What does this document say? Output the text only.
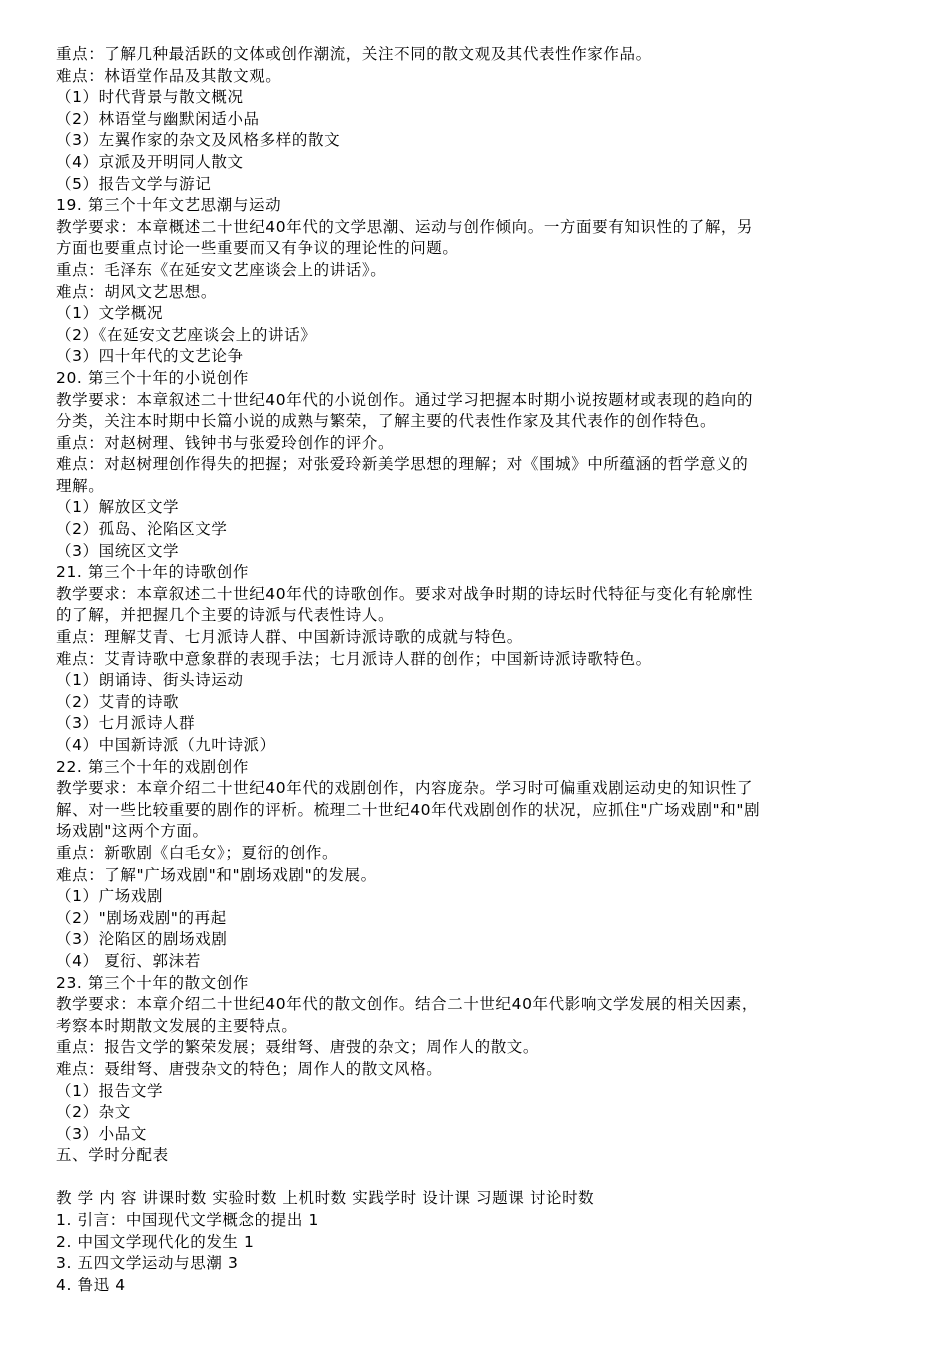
重点：了解几种最活跃的文体或创作潮流，关注不同的散文观及其代表性作家作品。
难点：林语堂作品及其散文观。
（1）时代背景与散文概况
（2）林语堂与幽默闲适小品
（3）左翼作家的杂文及风格多样的散文
（4）京派及开明同人散文
（5）报告文学与游记
19. 第三个十年文艺思潮与运动
教学要求：本章概述二十世纪40年代的文学思潮、运动与创作倾向。一方面要有知识性的了解，另
方面也要重点讨论一些重要而又有争议的理论性的问题。
重点：毛泽东《在延安文艺座谈会上的讲话》。
难点：胡风文艺思想。
（1）文学概况
（2）《在延安文艺座谈会上的讲话》
（3）四十年代的文艺论争
20. 第三个十年的小说创作
教学要求：本章叙述二十世纪40年代的小说创作。通过学习把握本时期小说按题材或表现的趋向的
分类，关注本时期中长篇小说的成熟与繁荣，了解主要的代表性作家及其代表作的创作特色。
重点：对赵树理、钱钟书与张爱玲创作的评介。
难点：对赵树理创作得失的把握；对张爱玲新美学思想的理解；对《围城》中所蕴涵的哲学意义的
理解。
（1）解放区文学
（2）孤岛、沦陷区文学
（3）国统区文学
21. 第三个十年的诗歌创作
教学要求：本章叙述二十世纪40年代的诗歌创作。要求对战争时期的诗坛时代特征与变化有轮廓性
的了解，并把握几个主要的诗派与代表性诗人。
重点：理解艾青、七月派诗人群、中国新诗派诗歌的成就与特色。
难点：艾青诗歌中意象群的表现手法；七月派诗人群的创作；中国新诗派诗歌特色。
（1）朗诵诗、街头诗运动
（2）艾青的诗歌
（3）七月派诗人群
（4）中国新诗派（九叶诗派）
22. 第三个十年的戏剧创作
教学要求：本章介绍二十世纪40年代的戏剧创作，内容庞杂。学习时可偏重戏剧运动史的知识性了
解、对一些比较重要的剧作的评析。梳理二十世纪40年代戏剧创作的状况，应抓住"广场戏剧"和"剧
场戏剧"这两个方面。
重点：新歌剧《白毛女》；夏衍的创作。
难点：了解"广场戏剧"和"剧场戏剧"的发展。
（1）广场戏剧
（2）"剧场戏剧"的再起
（3）沦陷区的剧场戏剧
（4） 夏衍、郭沫若
23. 第三个十年的散文创作
教学要求：本章介绍二十世纪40年代的散文创作。结合二十世纪40年代影响文学发展的相关因素，
考察本时期散文发展的主要特点。
重点：报告文学的繁荣发展；聂绀弩、唐弢的杂文；周作人的散文。
难点：聂绀弩、唐弢杂文的特色；周作人的散文风格。
（1）报告文学
（2）杂文
（3）小品文
五、学时分配表
教 学 内 容 讲课时数 实验时数 上机时数 实践学时 设计课 习题课 讨论时数
1. 引言：中国现代文学概念的提出 1
2. 中国文学现代化的发生 1
3. 五四文学运动与思潮 3
4. 鲁迅 4
